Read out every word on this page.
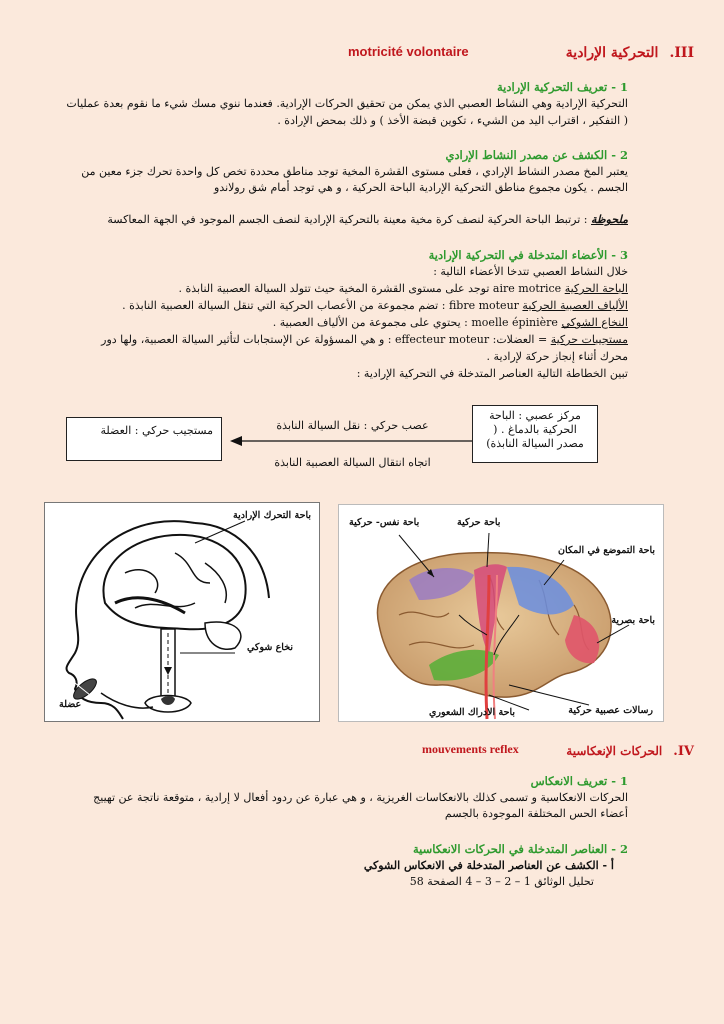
III. التحركية الإرادية
motricité volontaire
1 - تعريف التحركية الإرادية
التحركية الإرادية وهي النشاط العصبي الذي يمكن من تحقيق الحركات الإرادية. فعندما ننوي مسك شيء ما نقوم بعدة عمليات
( التفكير ، اقتراب اليد من الشيء ، تكوين قبضة الأخذ ) و ذلك بمحض الإرادة .
2 - الكشف عن مصدر النشاط الإرادي
يعتبر المخ مصدر النشاط الإرادي ، فعلى مستوى القشرة المخية توجد مناطق محددة تخص كل واحدة تحرك جزء معين من
الجسم . يكون مجموع مناطق التحركية الإرادية الباحة الحركية ، و هي توجد أمام شق رولاندو
ملحوظة : ترتبط الباحة الحركية لنصف كرة مخية معينة بالتحركية الإرادية لنصف الجسم الموجود في الجهة المعاكسة
3 - الأعضاء المتدخلة في التحركية الإرادية
خلال النشاط العصبي تتدخا الأعضاء التالية :
الباحة الحركية aire motrice توجد على مستوى القشرة المخية حيث تتولد السيالة العصبية النابذة .
الألياف العصبية الحركية fibre moteur : تضم مجموعة من الأعصاب الحركية التي تنقل السيالة العصبية النابذة .
النخاع الشوكي moelle épinière : يحتوي على مجموعة من الألياف العصبية .
مستجيبات حركية = العضلات: effecteur moteur : و هي المسؤولة عن الإستجابات لتأثير السيالة العصبية، ولها دور
محرك أثناء إنجاز حركة لإرادية .
تبين الخطاطة التالية العناصر المتدخلة في التحركية الإرادية :
مركز عصبي : الباحة الحركية بالدماغ . ( مصدر السيالة النابذة)
عصب حركي : نقل السيالة النابذة
اتجاه انتقال السيالة العصبية النابذة
مستجيب حركي : العضلة
باحة التحرك الإرادية
نخاع شوكي
عضلة
باحة نفس- حركية	باحة حركية
باحة التموضع في المكان
باحة بصرية
رسالات عصبية حركية
باحة الادراك الشعوري
IV. الحركات الإنعكاسية
mouvements reflex
1 - تعريف الانعكاس
الحركات الانعكاسية و تسمى كذلك بالانعكاسات الغريزية ، و هي عبارة عن ردود أفعال لا إرادية ، متوقعة ناتجة عن تهييج
أعضاء الحس المختلفة الموجودة بالجسم
2 - العناصر المتدخلة في الحركات الانعكاسية
أ - الكشف عن العناصر المتدخلة في الانعكاس الشوكي
تحليل الوثائق 1 – 2 – 3 – 4 الصفحة 58
